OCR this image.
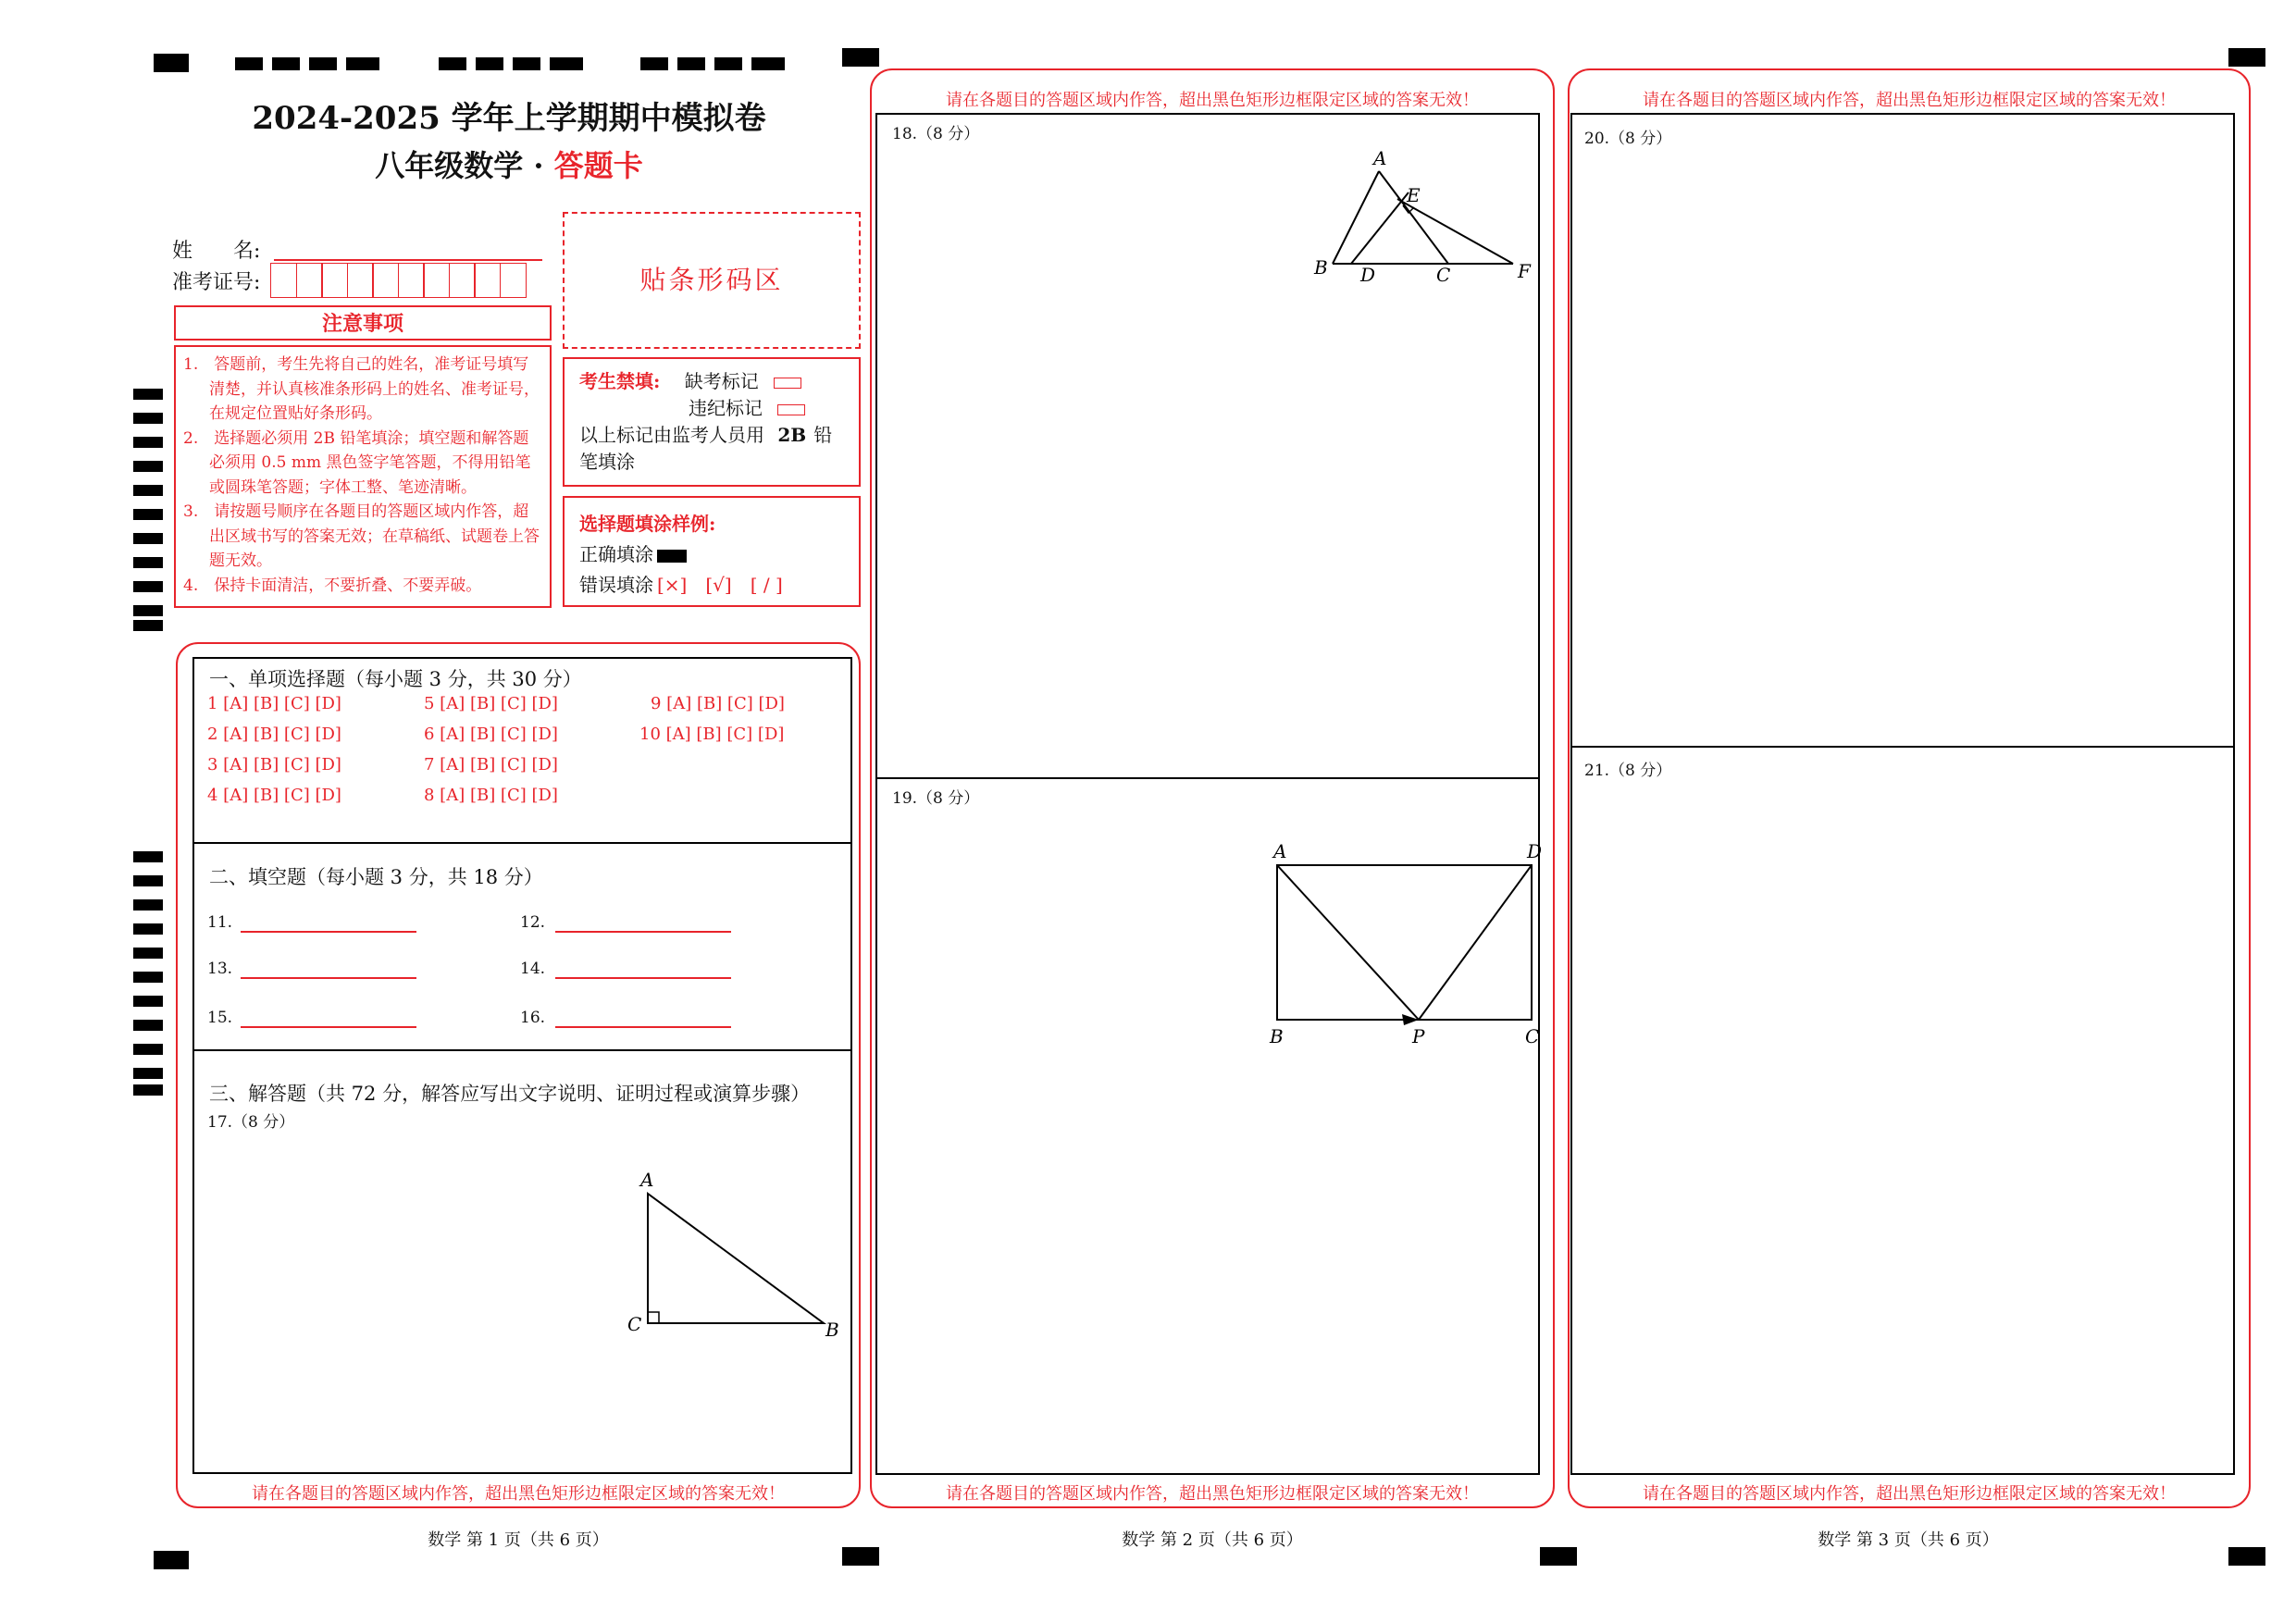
2024-2025 学年上学期期中模拟卷
八年级数学 · 答题卡
姓　　名:
准考证号:
注意事项
1.　答题前，考生先将自己的姓名，准考证号填写清楚，并认真核准条形码上的姓名、准考证号，在规定位置贴好条形码。
2.　选择题必须用 2B 铅笔填涂；填空题和解答题必须用 0.5 mm 黑色签字笔答题，不得用铅笔或圆珠笔答题；字体工整、笔迹清晰。
3.　请按题号顺序在各题目的答题区域内作答，超出区域书写的答案无效；在草稿纸、试题卷上答题无效。
4.　保持卡面清洁，不要折叠、不要弄破。
贴条形码区
考生禁填: 缺考标记
违纪标记
以上标记由监考人员用 2B 铅笔填涂
选择题填涂样例:
正确填涂
错误填涂 [×]　[√]　[ / ]
一、单项选择题（每小题 3 分，共 30 分）
1 [A] [B] [C] [D]
2 [A] [B] [C] [D]
3 [A] [B] [C] [D]
4 [A] [B] [C] [D]
5 [A] [B] [C] [D]
6 [A] [B] [C] [D]
7 [A] [B] [C] [D]
8 [A] [B] [C] [D]
9 [A] [B] [C] [D]
10 [A] [B] [C] [D]
二、填空题（每小题 3 分，共 18 分）
11.	12.
13.	14.
15.	16.
三、解答题（共 72 分，解答应写出文字说明、证明过程或演算步骤）
17.（8 分）
A
C	B
请在各题目的答题区域内作答，超出黑色矩形边框限定区域的答案无效！
数学 第 1 页（共 6 页）
请在各题目的答题区域内作答，超出黑色矩形边框限定区域的答案无效！
18.（8 分）
19.（8 分）
A
E
B D	C	F
A	D
B	P	C
请在各题目的答题区域内作答，超出黑色矩形边框限定区域的答案无效！
数学 第 2 页（共 6 页）
请在各题目的答题区域内作答，超出黑色矩形边框限定区域的答案无效！
20.（8 分）
21.（8 分）
请在各题目的答题区域内作答，超出黑色矩形边框限定区域的答案无效！
数学 第 3 页（共 6 页）
